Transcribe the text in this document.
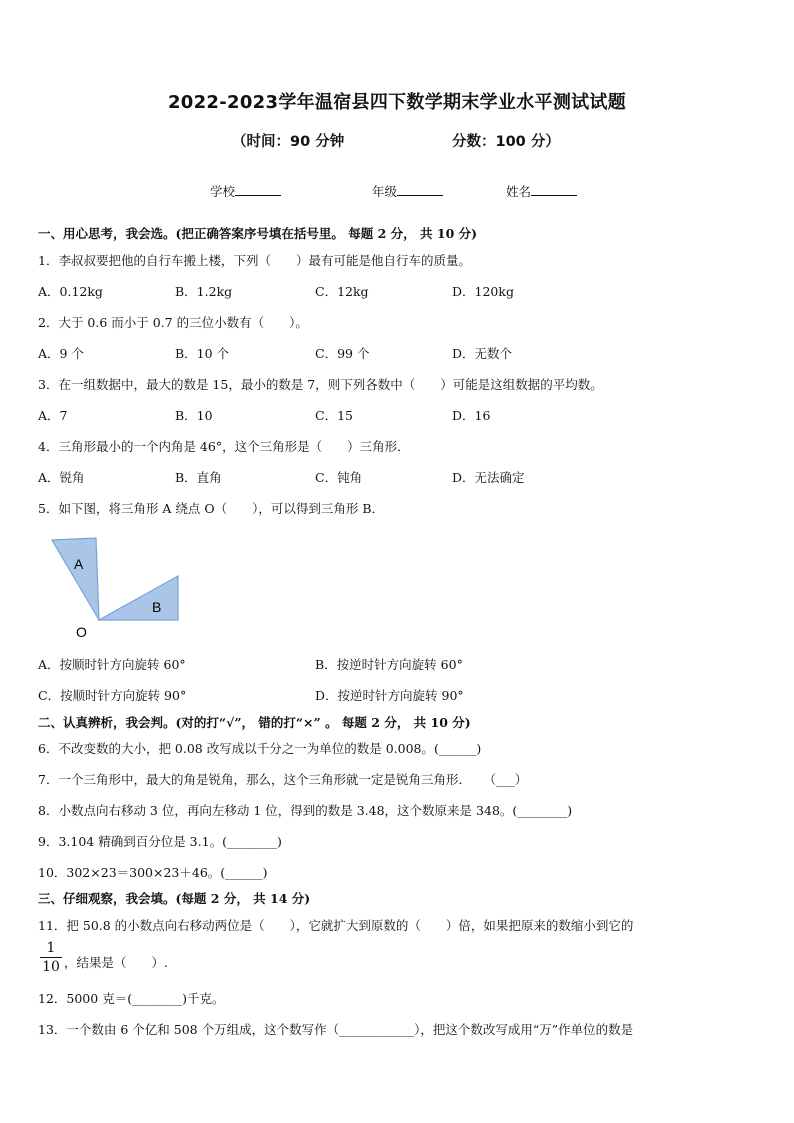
2022-2023学年温宿县四下数学期末学业水平测试试题
（时间：90 分钟	分数：100 分）
学校	年级	姓名
一、用心思考，我会选。(把正确答案序号填在括号里。 每题 2 分， 共 10 分)
1．李叔叔要把他的自行车搬上楼，下列（　　）最有可能是他自行车的质量。
A．0.12kg	B．1.2kg	C．12kg	D．120kg
2．大于 0.6 而小于 0.7 的三位小数有（　　）。
A．9 个	B．10 个	C．99 个	D．无数个
3．在一组数据中，最大的数是 15，最小的数是 7，则下列各数中（　　）可能是这组数据的平均数。
A．7	B．10	C．15	D．16
4．三角形最小的一个内角是 46°，这个三角形是（　　）三角形．
A．锐角	B．直角	C．钝角	D．无法确定
5．如下图，将三角形 A 绕点 O（　　），可以得到三角形 B．
A
B
O
A．按顺时针方向旋转 60°	B．按逆时针方向旋转 60°
C．按顺时针方向旋转 90°	D．按逆时针方向旋转 90°
二、认真辨析，我会判。(对的打“√”， 错的打“×” 。 每题 2 分， 共 10 分)
6．不改变数的大小，把 0.08 改写成以千分之一为单位的数是 0.008。(______)
7．一个三角形中，最大的角是锐角，那么，这个三角形就一定是锐角三角形．　　（___）
8．小数点向右移动 3 位，再向左移动 1 位，得到的数是 3.48，这个数原来是 348。(________)
9．3.104 精确到百分位是 3.1。(________)
10．302×23＝300×23＋46。(______)
三、仔细观察，我会填。(每题 2 分， 共 14 分)
11．把 50.8 的小数点向右移动两位是（　　），它就扩大到原数的（　　）倍，如果把原来的数缩小到它的
$\frac{1}{10}$ ，结果是（　　）.
12．5000 克＝(________)千克。
13．一个数由 6 个亿和 508 个万组成，这个数写作（____________），把这个数改写成用“万”作单位的数是
